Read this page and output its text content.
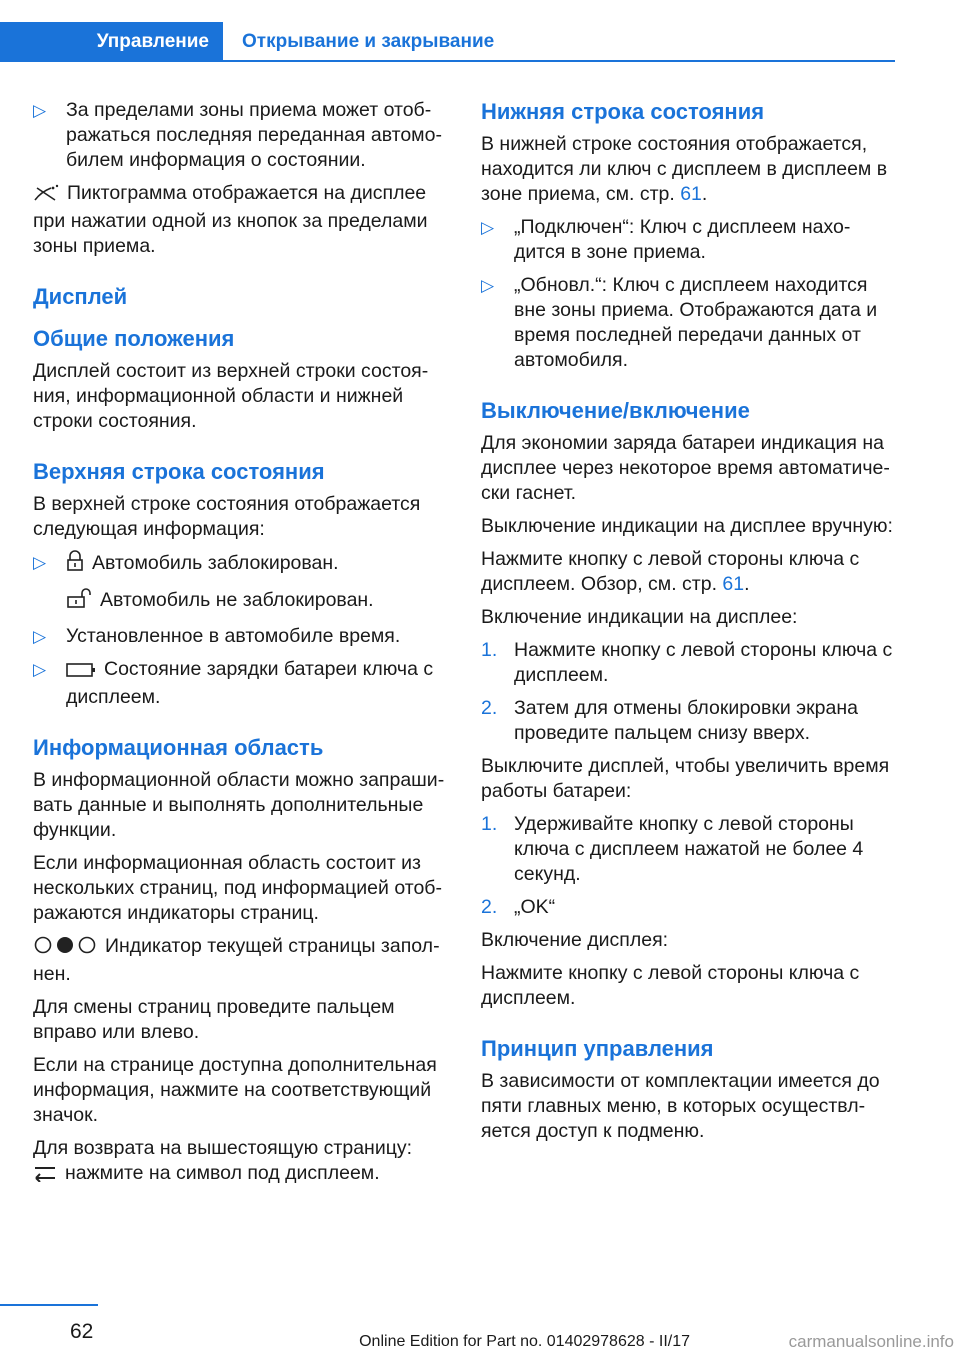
Управление	Открывание и закрывание
▷ За пределами зоны приема может отображаться последняя переданная автомобилем информация о состоянии.

Пиктограмма отображается на дисплее при нажатии одной из кнопок за пределами зоны приема.

Дисплей
Общие положения

Дисплей состоит из верхней строки состояния, информационной области и нижней строки состояния.

Верхняя строка состояния

В верхней строке состояния отображается следующая информация:

▷ Автомобиль заблокирован.
Автомобиль не заблокирован.
▷ Установленное в автомобиле время.
▷	Состояние зарядки батареи ключа с дисплеем.
Информационная область

В информационной области можно запрашивать данные и выполнять дополнительные функции.

Если информационная область состоит из нескольких страниц, под информацией отображаются индикаторы страниц.

Индикатор текущей страницы заполнен.

Для смены страниц проведите пальцем вправо или влево.

Если на странице доступна дополнительная информация, нажмите на соответствующий значок.

Для возврата на вышестоящую страницу:

нажмите на символ под дисплеем.

Нижняя строка состояния

В нижней строке состояния отображается, находится ли ключ с дисплеем в дисплеем в зоне приема, см. стр. 61.

▷ „Подключен“: Ключ с дисплеем находится в зоне приема.
▷ „Обновл.“: Ключ с дисплеем находится вне зоны приема. Отображаются дата и время последней передачи данных от автомобиля.
Выключение/включение

Для экономии заряда батареи индикация на дисплее через некоторое время автоматически гаснет.

Выключение индикации на дисплее вручную:

Нажмите кнопку с левой стороны ключа с дисплеем. Обзор, см. стр. 61.

Включение индикации на дисплее:

1. Нажмите кнопку с левой стороны ключа с дисплеем.
2. Затем для отмены блокировки экрана проведите пальцем снизу вверх.

Выключите дисплей, чтобы увеличить время работы батареи:

1. Удерживайте кнопку с левой стороны ключа с дисплеем нажатой не более 4 секунд.
2. „OK“

Включение дисплея:

Нажмите кнопку с левой стороны ключа с дисплеем.

Принцип управления

В зависимости от комплектации имеется до пяти главных меню, в которых осуществляется доступ к подменю.

62	Online Edition for Part no. 01402978628 - II/17	carmanualsonline.info
